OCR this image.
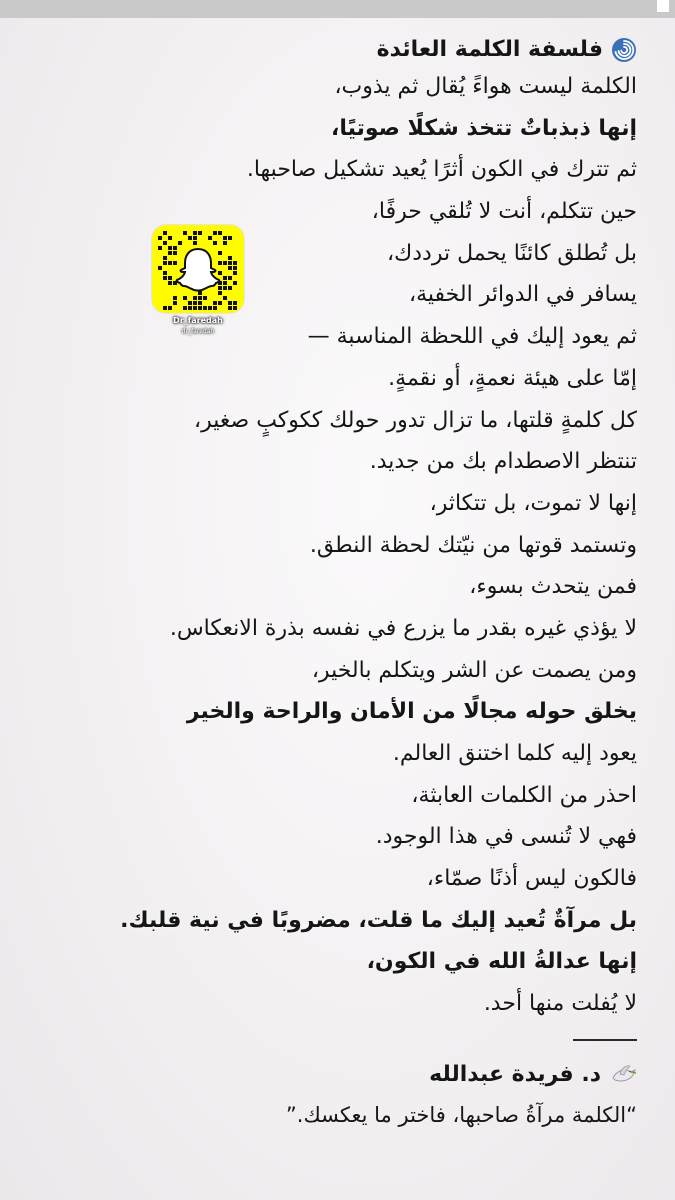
فلسفة الكلمة العائدة
الكلمة ليست هواءً يُقال ثم يذوب،
إنها ذبذباتٌ تتخذ شكلًا صوتيًا،
ثم تترك في الكون أثرًا يُعيد تشكيل صاحبها.
حين تتكلم، أنت لا تُلقي حرفًا،
بل تُطلق كائنًا يحمل ترددك،
يسافر في الدوائر الخفية،
ثم يعود إليك في اللحظة المناسبة —
إمّا على هيئة نعمةٍ، أو نقمةٍ.
كل كلمةٍ قلتها، ما تزال تدور حولك ككوكبٍ صغير،
تنتظر الاصطدام بك من جديد.
إنها لا تموت، بل تتكاثر،
وتستمد قوتها من نيّتك لحظة النطق.
فمن يتحدث بسوء،
لا يؤذي غيره بقدر ما يزرع في نفسه بذرة الانعكاس.
ومن يصمت عن الشر ويتكلم بالخير،
يخلق حوله مجالًا من الأمان والراحة والخير
يعود إليه كلما اختنق العالم.
احذر من الكلمات العابثة،
فهي لا تُنسى في هذا الوجود.
فالكون ليس أذنًا صمّاء،
بل مرآةٌ تُعيد إليك ما قلت، مضروبًا في نية قلبك.
إنها عدالةُ الله في الكون،
لا يُفلت منها أحد.
د. فريدة عبدالله
“الكلمة مرآةُ صاحبها، فاختر ما يعكسك.”
Dr_faredah
dr_faredah
